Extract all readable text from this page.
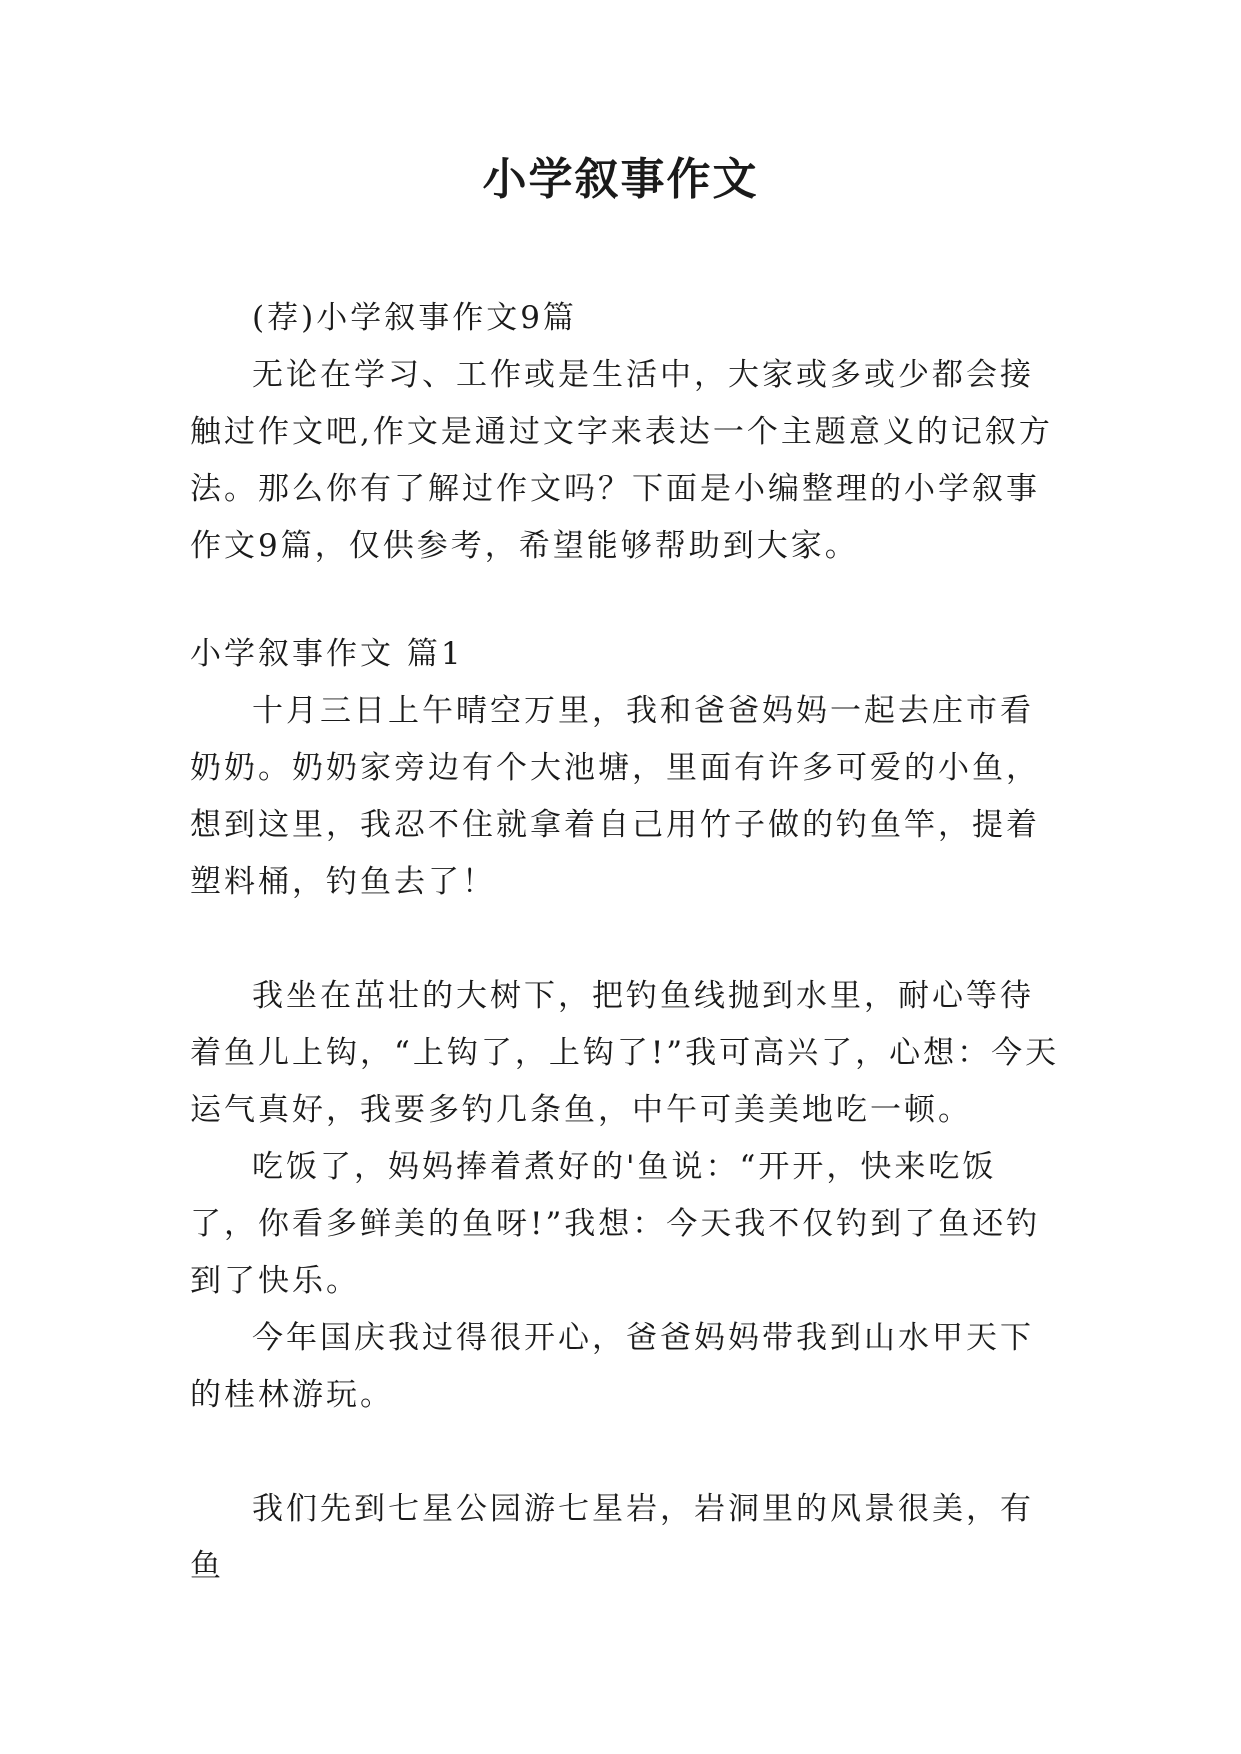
小学叙事作文

(荐)小学叙事作文9篇

无论在学习、工作或是生活中，大家或多或少都会接触过作文吧,作文是通过文字来表达一个主题意义的记叙方法。那么你有了解过作文吗？下面是小编整理的小学叙事作文9篇，仅供参考，希望能够帮助到大家。

小学叙事作文 篇1

十月三日上午晴空万里，我和爸爸妈妈一起去庄市看奶奶。奶奶家旁边有个大池塘，里面有许多可爱的小鱼，想到这里，我忍不住就拿着自己用竹子做的钓鱼竿，提着塑料桶，钓鱼去了！

我坐在茁壮的大树下，把钓鱼线抛到水里，耐心等待着鱼儿上钩，“上钩了，上钩了!”我可高兴了，心想：今天运气真好，我要多钓几条鱼，中午可美美地吃一顿。

吃饭了，妈妈捧着煮好的'鱼说：“开开，快来吃饭了，你看多鲜美的鱼呀!”我想：今天我不仅钓到了鱼还钓到了快乐。

今年国庆我过得很开心，爸爸妈妈带我到山水甲天下的桂林游玩。

我们先到七星公园游七星岩，岩洞里的风景很美，有鱼
